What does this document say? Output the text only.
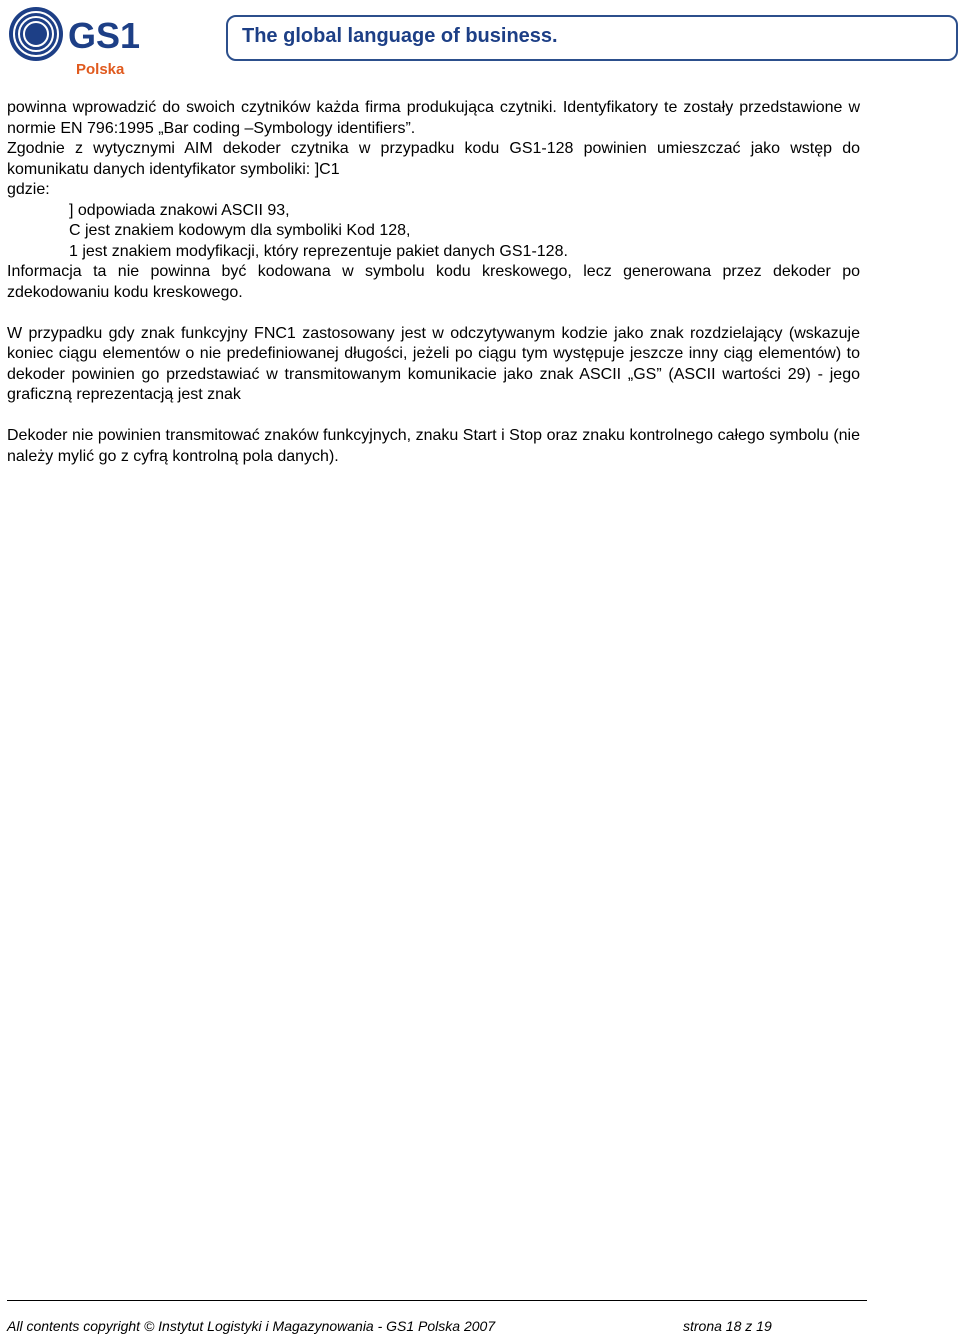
GS1
Polska
The global language of business.

powinna wprowadzić do swoich czytników każda firma produkująca czytniki. Identyfikatory te zostały przedstawione w normie EN 796:1995 „Bar coding –Symbology identifiers”.

Zgodnie z wytycznymi AIM dekoder czytnika w przypadku kodu GS1-128 powinien umieszczać jako wstęp do komunikatu danych identyfikator symboliki: ]C1

gdzie:

] odpowiada znakowi ASCII 93,
C jest znakiem kodowym dla symboliki Kod 128,
1 jest znakiem modyfikacji, który reprezentuje pakiet danych GS1-128.

Informacja ta nie powinna być kodowana w symbolu kodu kreskowego, lecz generowana przez dekoder po zdekodowaniu kodu kreskowego.

W przypadku gdy znak funkcyjny FNC1 zastosowany jest w odczytywanym kodzie jako znak rozdzielający (wskazuje koniec ciągu elementów o nie predefiniowanej długości, jeżeli po ciągu tym występuje jeszcze inny ciąg elementów) to dekoder powinien go przedstawiać w transmitowanym komunikacie jako znak ASCII „GS” (ASCII wartości 29) - jego graficzną reprezentacją jest znak

Dekoder nie powinien transmitować znaków funkcyjnych, znaku Start i Stop oraz znaku kontrolnego całego symbolu (nie należy mylić go z cyfrą kontrolną pola danych).

All contents copyright © Instytut Logistyki i Magazynowania - GS1 Polska 2007	strona 18 z 19
